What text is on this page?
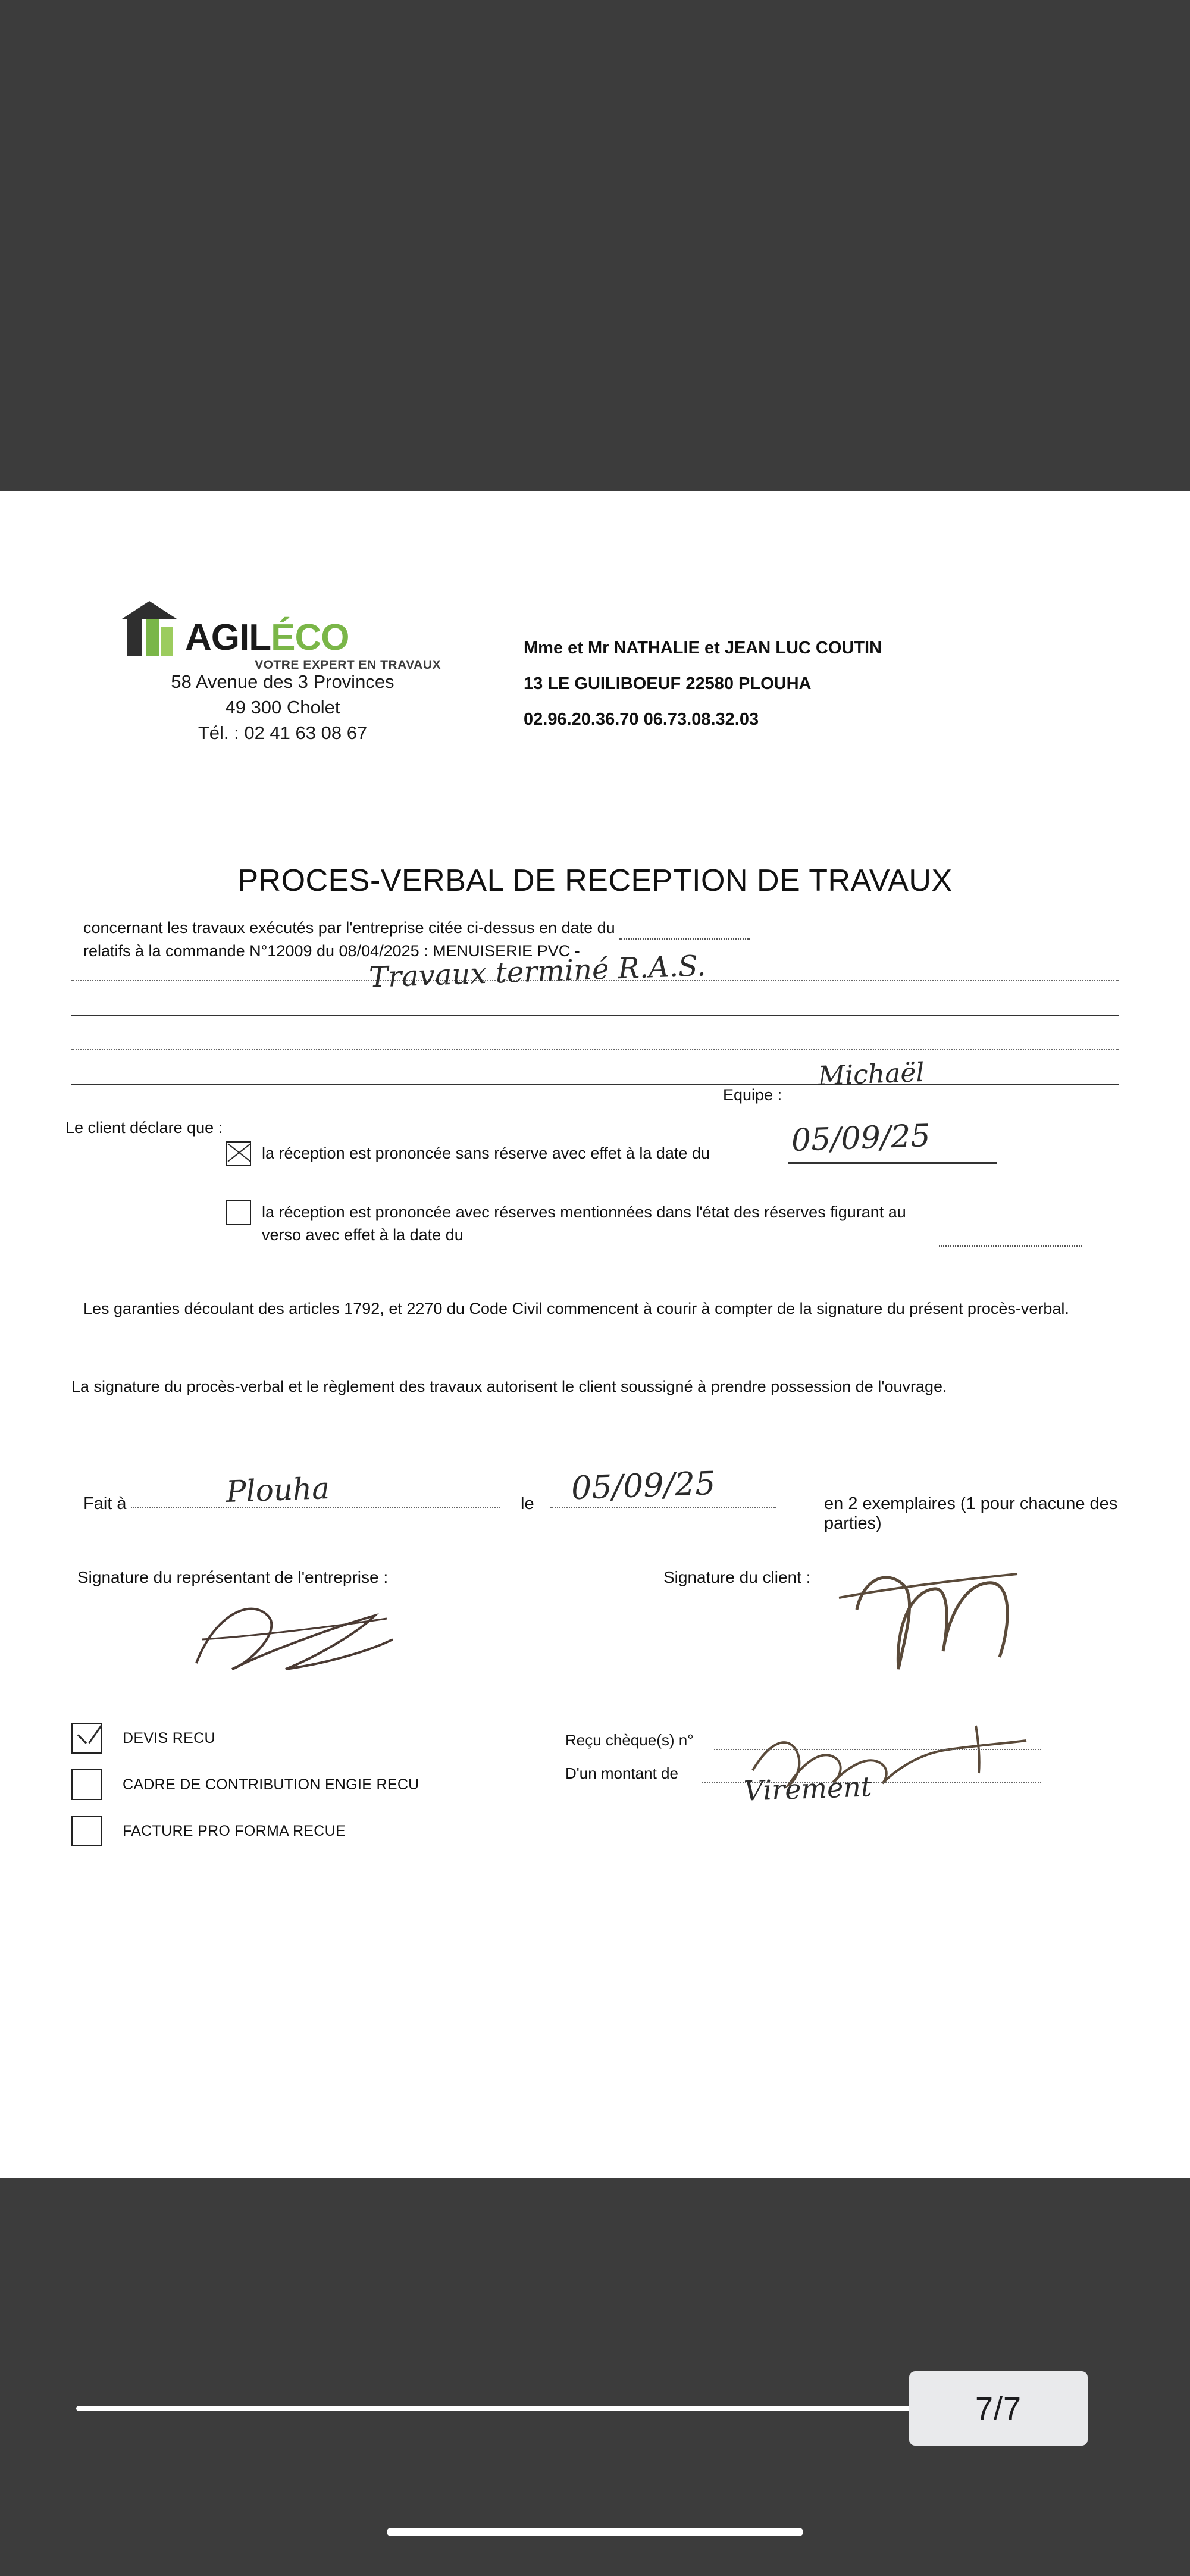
AGILÉCO
VOTRE EXPERT EN TRAVAUX
58 Avenue des 3 Provinces
49 300 Cholet
Tél. : 02 41 63 08 67
Mme et Mr NATHALIE et JEAN LUC COUTIN
13 LE GUILIBOEUF 22580 PLOUHA
02.96.20.36.70 06.73.08.32.03
PROCES-VERBAL DE RECEPTION DE TRAVAUX
concernant les travaux exécutés par l'entreprise citée ci-dessus en date du
relatifs à la commande N°12009 du 08/04/2025 : MENUISERIE PVC -
Travaux terminé R.A.S.
Equipe :
Michaël
Le client déclare que :
la réception est prononcée sans réserve avec effet à la date du	05/09/25
la réception est prononcée avec réserves mentionnées dans l'état des réserves figurant au verso avec effet à la date du
Les garanties découlant des articles 1792, et 2270 du Code Civil commencent à courir à compter de la signature du présent procès-verbal.
La signature du procès-verbal et le règlement des travaux autorisent le client soussigné à prendre possession de l'ouvrage.
Fait à	Plouha	le 05/09/25	en 2 exemplaires (1 pour chacune des parties)
Signature du représentant de l'entreprise :	Signature du client :
DEVIS RECU
CADRE DE CONTRIBUTION ENGIE RECU
FACTURE PRO FORMA RECUE
Reçu chèque(s) n°
D'un montant de Virement
7/7
